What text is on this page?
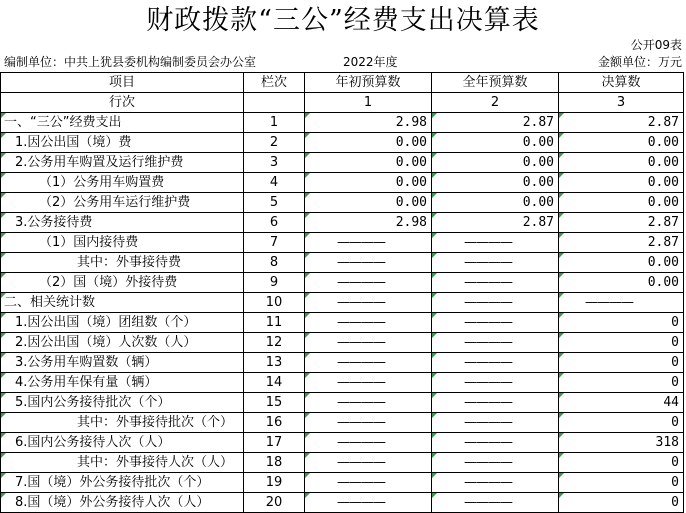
财政拨款“三公”经费支出决算表
公开09表
编制单位：中共上犹县委机构编制委员会办公室	2022年度	金额单位：万元
项目	栏次	年初预算数	全年预算数	决算数
行次		1	2	3
一、“三公”经费支出	1	2.98	2.87	2.87
1.因公出国（境）费	2	0.00	0.00	0.00
2.公务用车购置及运行维护费	3	0.00	0.00	0.00
（1）公务用车购置费	4	0.00	0.00	0.00
（2）公务用车运行维护费	5	0.00	0.00	0.00
3.公务接待费	6	2.98	2.87	2.87
（1）国内接待费	7	————	————	2.87
其中：外事接待费	8	————	————	0.00
（2）国（境）外接待费	9	————	————	0.00
二、相关统计数	10	————	————	————
1.因公出国（境）团组数（个）	11	————	————	0
2.因公出国（境）人次数（人）	12	————	————	0
3.公务用车购置数（辆）	13	————	————	0
4.公务用车保有量（辆）	14	————	————	0
5.国内公务接待批次（个）	15	————	————	44
其中：外事接待批次（个）	16	————	————	0
6.国内公务接待人次（人）	17	————	————	318
其中：外事接待人次（人）	18	————	————	0
7.国（境）外公务接待批次（个）	19	————	————	0
8.国（境）外公务接待人次（人）	20	————	————	0
